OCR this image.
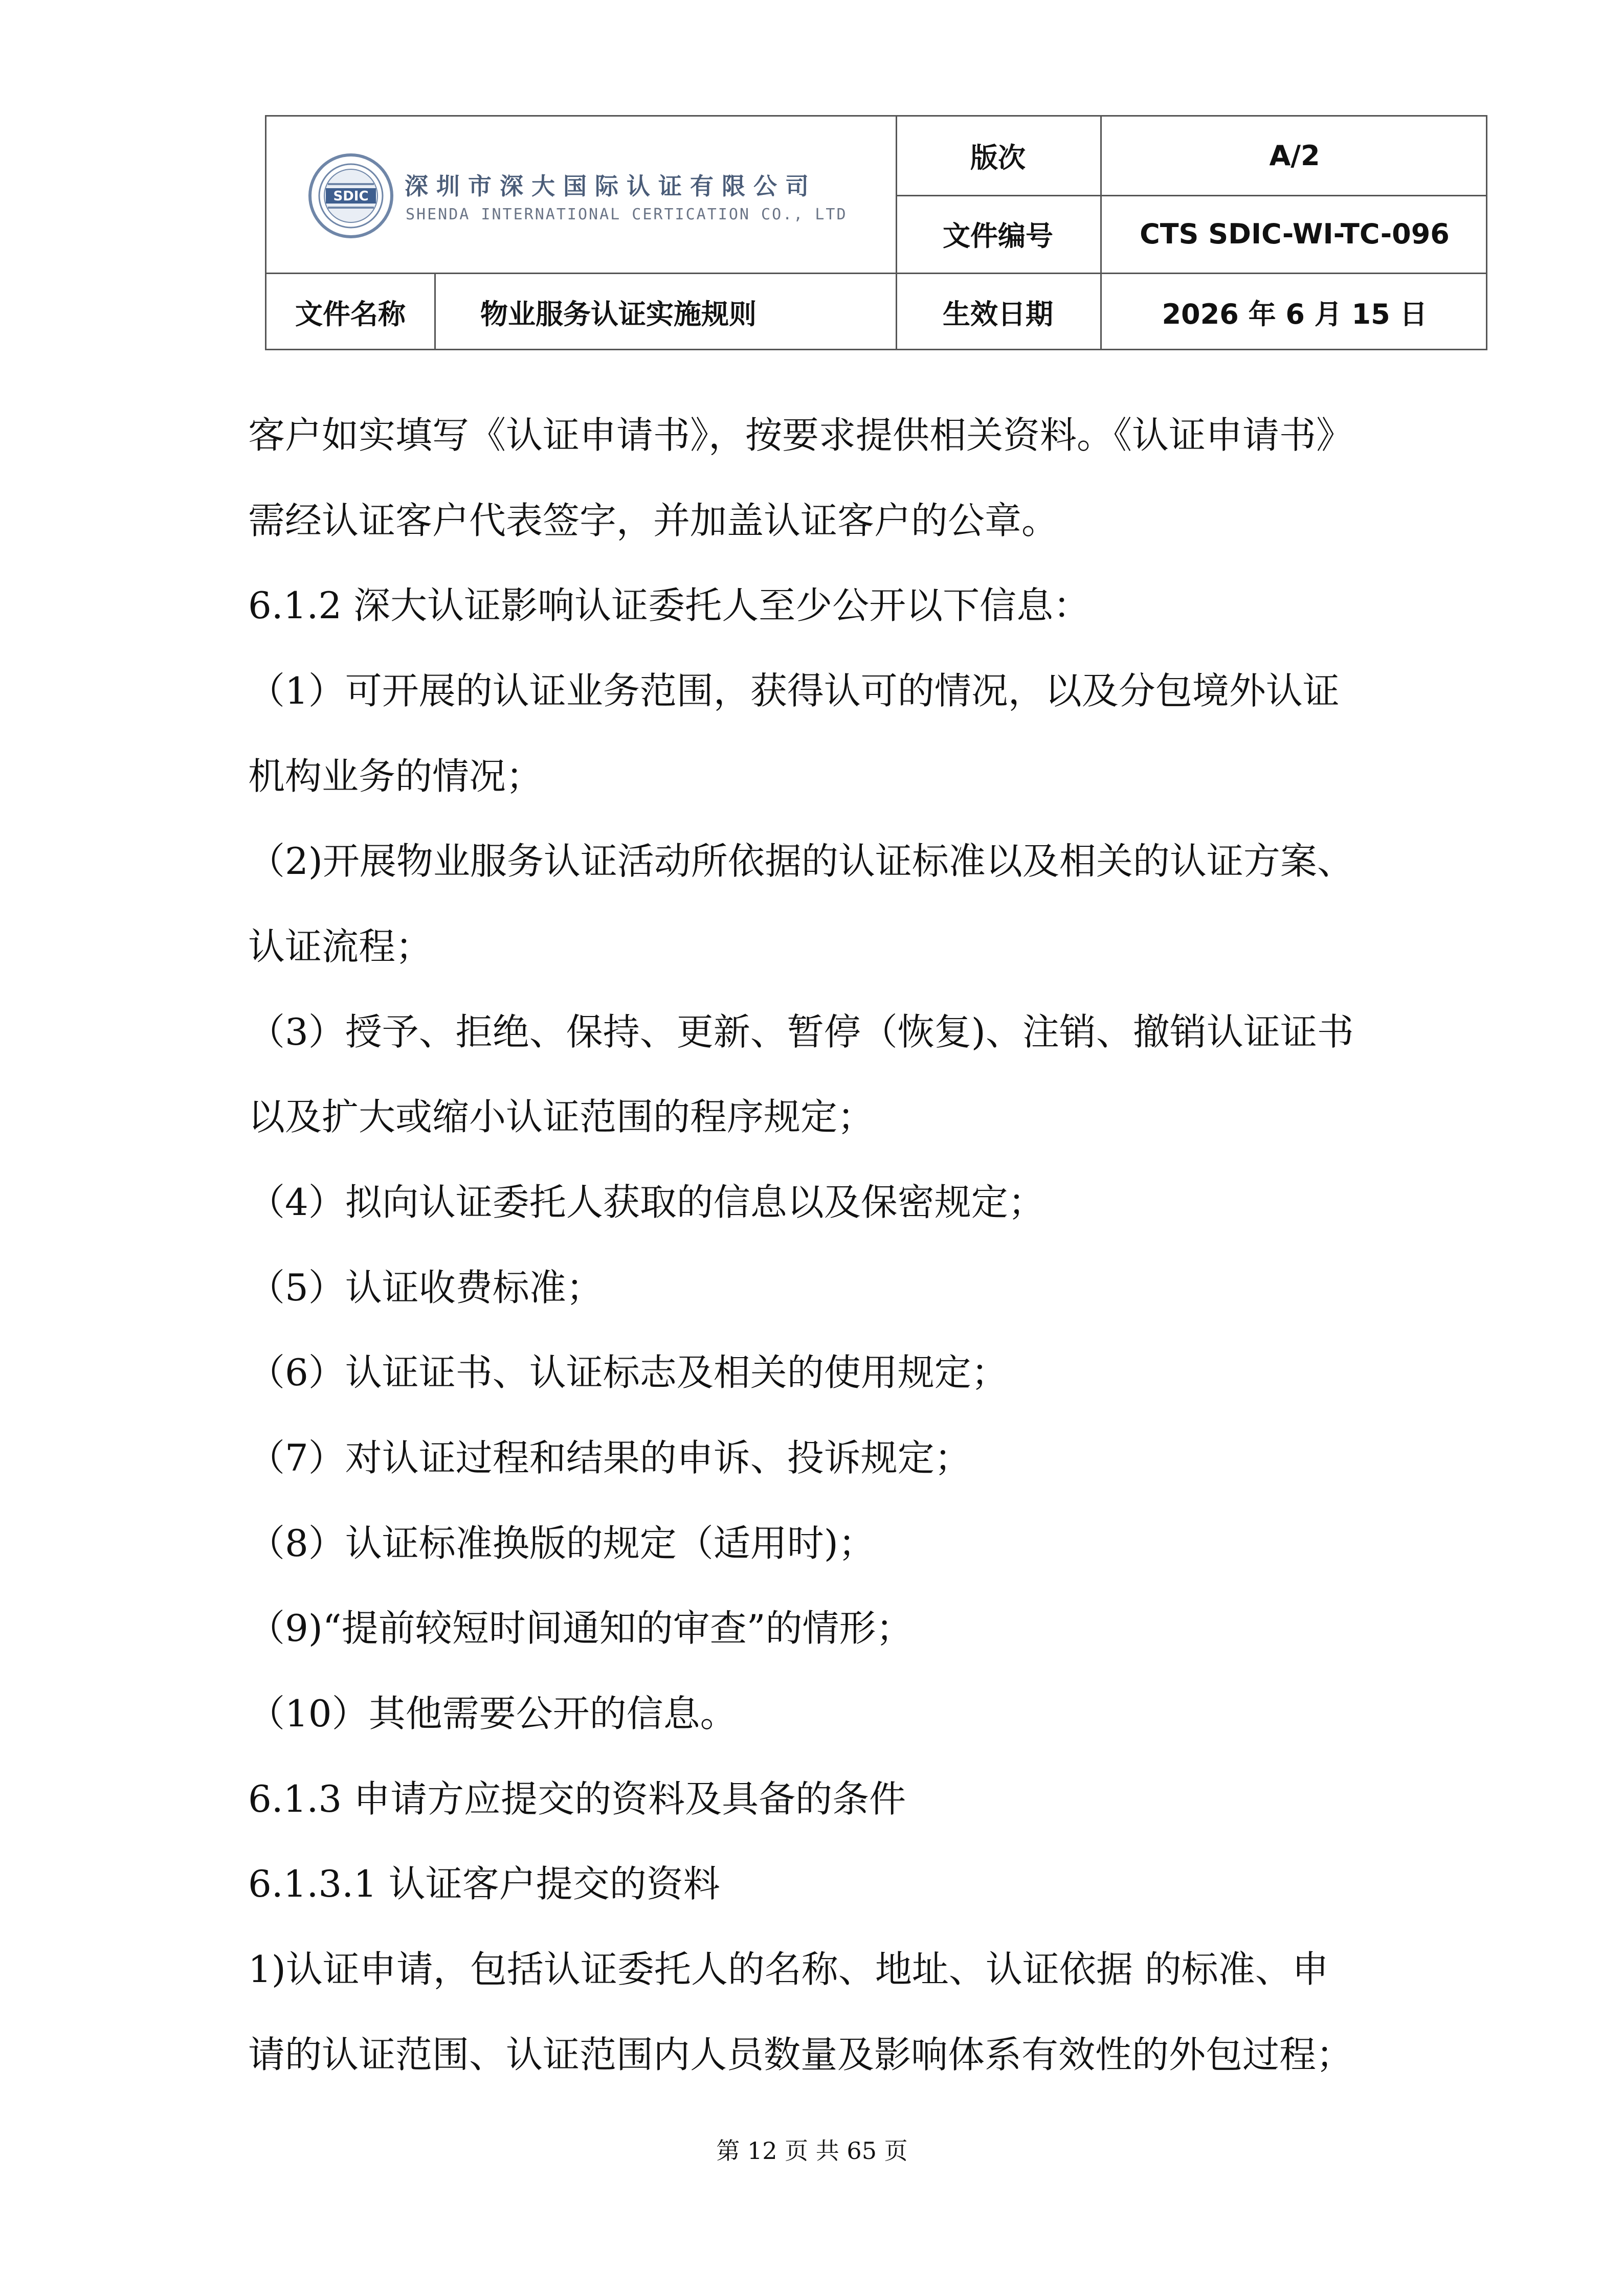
SDIC 深圳市深大国际认证有限公司
SHENDA INTERNATIONAL CERTICATION CO., LTD
版次	A/2
文件编号	CTS SDIC-WI-TC-096
文件名称	物业服务认证实施规则	生效日期	2026 年 6 月 15 日
客户如实填写《认证申请书》，按要求提供相关资料。《认证申请书》
需经认证客户代表签字，并加盖认证客户的公章。
6.1.2 深大认证影响认证委托人至少公开以下信息：
（1）可开展的认证业务范围，获得认可的情况，以及分包境外认证
机构业务的情况；
（2)开展物业服务认证活动所依据的认证标准以及相关的认证方案、
认证流程；
（3）授予、拒绝、保持、更新、暂停（恢复)、注销、撤销认证证书
以及扩大或缩小认证范围的程序规定；
（4）拟向认证委托人获取的信息以及保密规定；
（5）认证收费标准；
（6）认证证书、认证标志及相关的使用规定；
（7）对认证过程和结果的申诉、投诉规定；
（8）认证标准换版的规定（适用时)；
（9)“提前较短时间通知的审查”的情形；
（10）其他需要公开的信息。
6.1.3 申请方应提交的资料及具备的条件
6.1.3.1 认证客户提交的资料
1)认证申请，包括认证委托人的名称、地址、认证依据 的标准、申
请的认证范围、认证范围内人员数量及影响体系有效性的外包过程；
第 12 页 共 65 页
